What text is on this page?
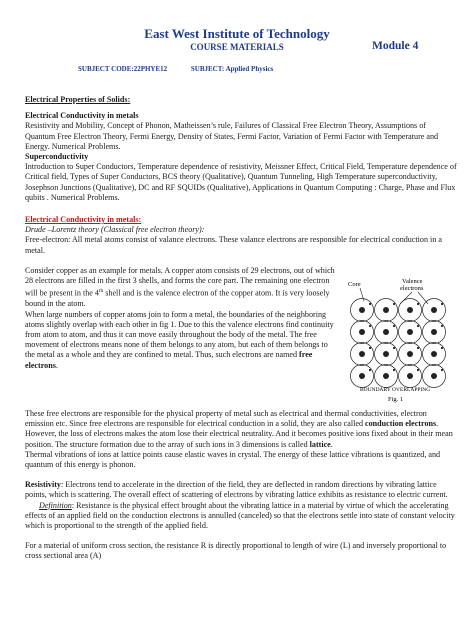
East West Institute of Technology
COURSE MATERIALS	Module 4
SUBJECT CODE:22PHYE12	SUBJECT: Applied Physics

Electrical Properties of Solids:

Electrical Conductivity in metals

Resistivity and Mobility, Concept of Phonon, Matheissen’s rule, Failures of Classical Free Electron Theory, Assumptions of Quantum Free Electron Theory, Fermi Energy, Density of States, Fermi Factor, Variation of Fermi Factor with Temperature and Energy. Numerical Problems.

Superconductivity

Introduction to Super Conductors, Temperature dependence of resistivity, Meissner Effect, Critical Field, Temperature dependence of Critical field, Types of Super Conductors, BCS theory (Qualitative), Quantum Tunneling, High Temperature superconductivity, Josephson Junctions (Qualitative), DC and RF SQUIDs (Qualitative), Applications in Quantum Computing : Charge, Phase and Flux qubits . Numerical Problems.

Electrical Conductivity in metals:

Drude –Lorentz theory (Classical free electron theory):

Free-electron: All metal atoms consist of valance electrons. These valance electrons are responsible for electrical conduction in a metal.

Consider copper as an example for metals. A copper atom consists of 29 electrons, out of which 28 electrons are filled in the first 3 shells, and forms the core part. The remaining one electron will be present in the 4th shell and is the valence electron of the copper atom. It is very loosely bound in the atom.

When large numbers of copper atoms join to form a metal, the boundaries of the neighboring atoms slightly overlap with each other in fig 1. Due to this the valence electrons find continuity from atom to atom, and thus it can move easily throughout the body of the metal. The free movement of electrons means none of them belongs to any atom, but each of them belongs to the metal as a whole and they are confined to metal. Thus, such electrons are named free electrons.

These free electrons are responsible for the physical property of metal such as electrical and thermal conductivities, electron emission etc. Since free electrons are responsible for electrical conduction in a solid, they are also called conduction electrons.

However, the loss of electrons makes the atom lose their electrical neutrality. And it becomes positive ions fixed about in their mean position. The structure formation due to the array of such ions in 3 dimensions is called lattice.

Thermal vibrations of ions at lattice points cause elastic waves in crystal. The energy of these lattice vibrations is quantized, and quantum of this energy is phonon.

Resistivity: Electrons tend to accelerate in the direction of the field, they are deflected in random directions by vibrating lattice points, which is scattering. The overall effect of scattering of electrons by vibrating lattice exhibits as resistance to electric current.

Definition: Resistance is the physical effect brought about the vibrating lattice in a material by virtue of which the accelerating effects of an applied field on the conduction electrons is annulled (canceled) so that the electrons settle into state of constant velocity which is proportional to the strength of the applied field.

For a material of uniform cross section, the resistance R is directly proportional to length of wire (L) and inversely proportional to cross sectional area (A)

Core	Valence
electrons
BOUNDARY OVERLAPPING
Fig. 1
